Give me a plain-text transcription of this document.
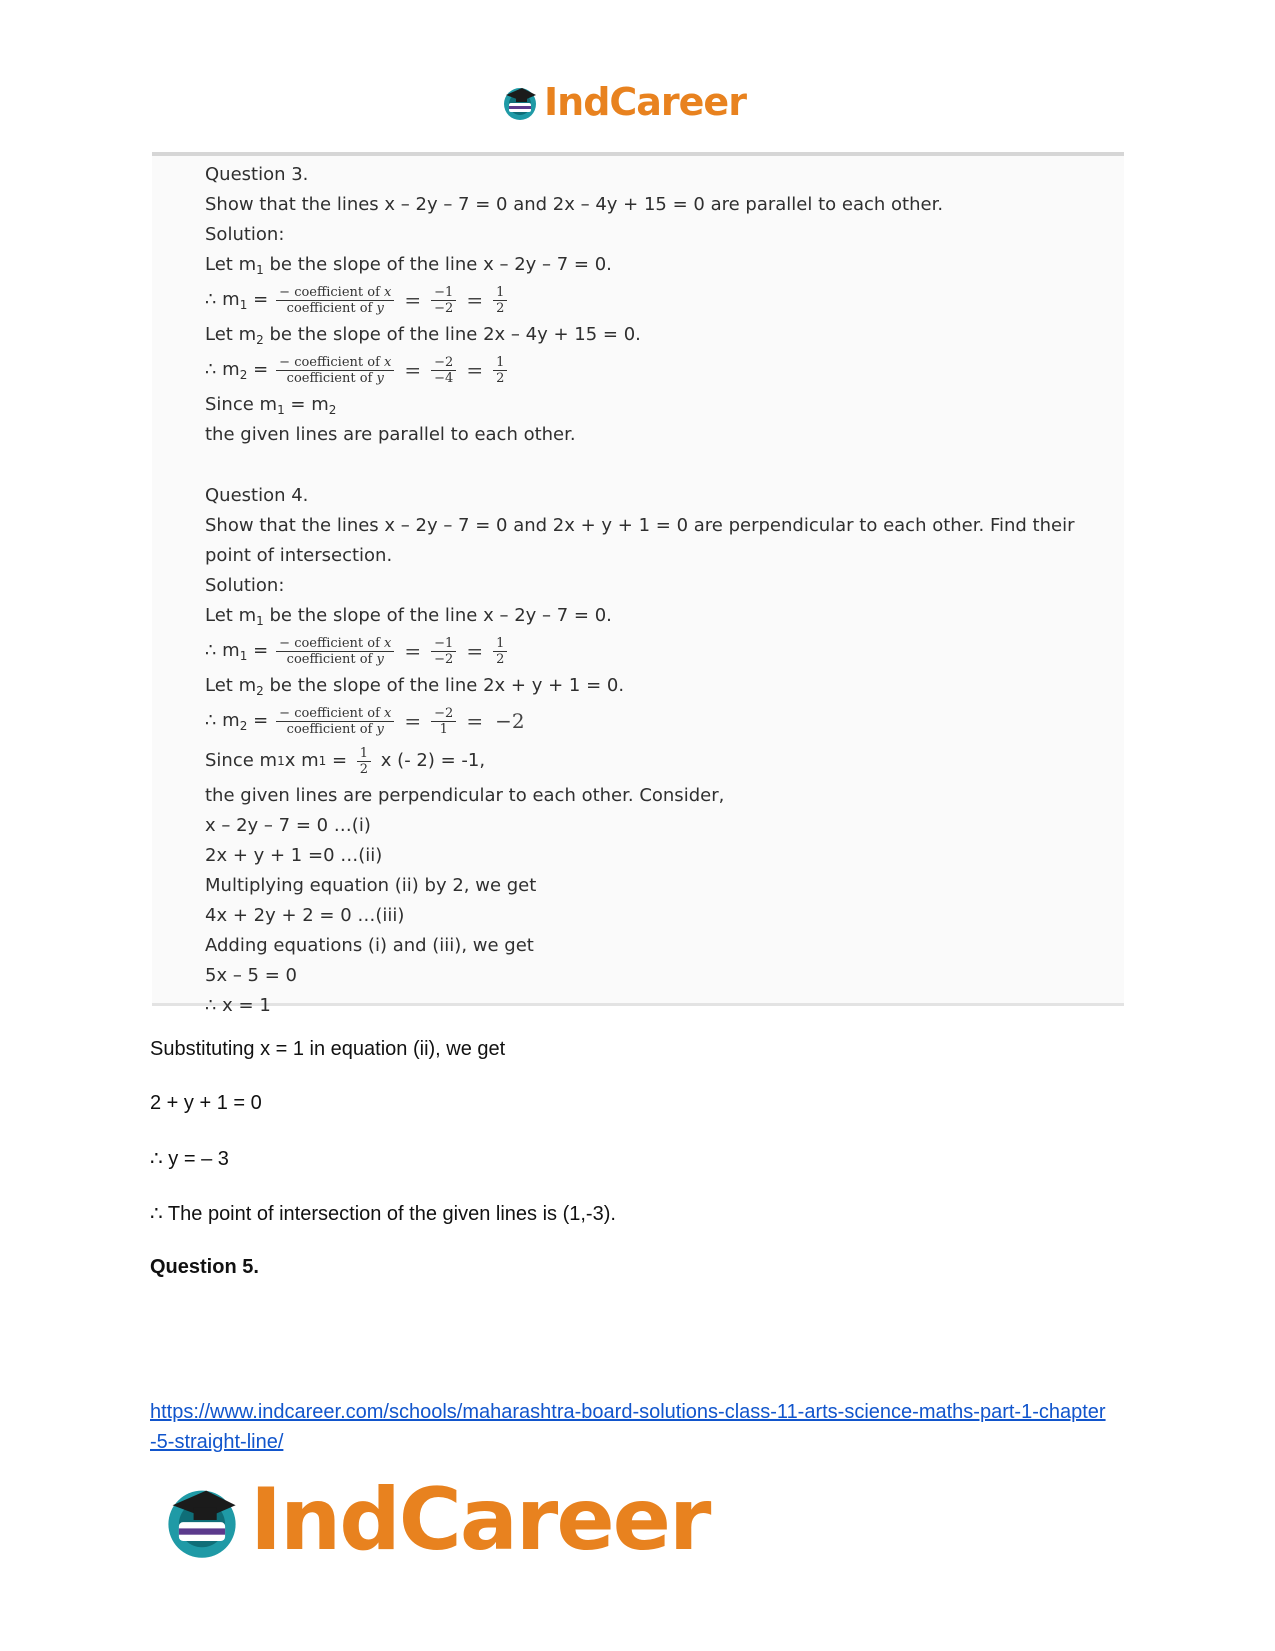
IndCareer
Question 3.
Show that the lines x – 2y – 7 = 0 and 2x – 4y + 15 = 0 are parallel to each other.
Solution:
Let $m_1$ be the slope of the line x – 2y – 7 = 0.
∴ $m_1 = \frac{\text{− coefficient of x}}{\text{coefficient of y}} = \frac{-1}{-2} = \frac{1}{2}$
Let $m_2$ be the slope of the line 2x – 4y + 15 = 0.
∴ $m_2 = \frac{\text{− coefficient of x}}{\text{coefficient of y}} = \frac{-2}{-4} = \frac{1}{2}$
Since $m_1 = m_2$
the given lines are parallel to each other.
Question 4.
Show that the lines x – 2y – 7 = 0 and 2x + y + 1 = 0 are perpendicular to each other. Find their point of intersection.
Solution:
Let $m_1$ be the slope of the line x – 2y – 7 = 0.
∴ $m_1 = \frac{\text{− coefficient of x}}{\text{coefficient of y}} = \frac{-1}{-2} = \frac{1}{2}$
Let $m_2$ be the slope of the line 2x + y + 1 = 0.
∴ $m_2 = \frac{\text{− coefficient of x}}{\text{coefficient of y}} = \frac{-2}{1} = -2$
Since m 1 x m $1 = \frac{1}{2}$ x (- 2) = -1,
the given lines are perpendicular to each other. Consider,
x – 2y – 7 = 0 …(i)
2x + y + 1 =0 …(ii)
Multiplying equation (ii) by 2, we get
4x + 2y + 2 = 0 …(iii)
Adding equations (i) and (iii), we get
5x – 5 = 0
∴ x = 1
Substituting x = 1 in equation (ii), we get
2 + y + 1 = 0
∴ y = – 3
∴ The point of intersection of the given lines is (1,-3).
Question 5.
https://www.indcareer.com/schools/maharashtra-board-solutions-class-11-arts-science-maths-part-1-chapter-5-straight-line/
IndCareer
